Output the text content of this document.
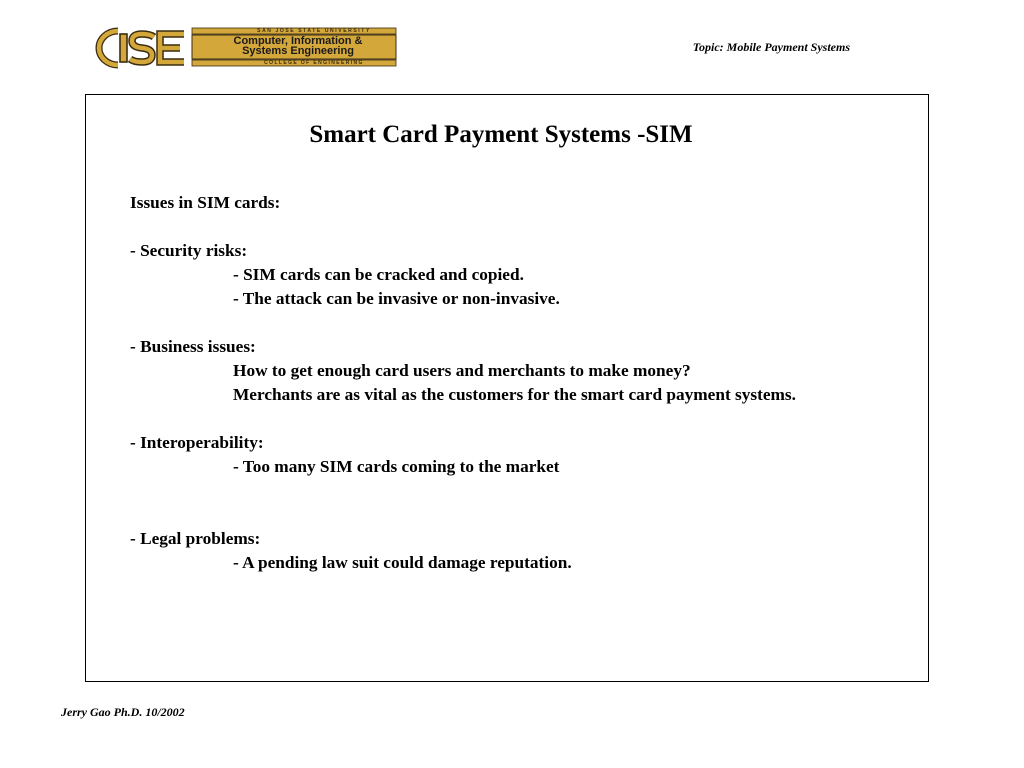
SAN JOSE STATE UNIVERSITY
Computer, Information &
Systems Engineering
COLLEGE OF ENGINEERING
Topic: Mobile Payment Systems
Smart Card Payment Systems -SIM
Issues in SIM cards:
- Security risks:
- SIM cards can be cracked and copied.
- The attack can be invasive or non-invasive.
- Business issues:
How to get enough card users and merchants to make money?
Merchants are as vital as the customers for the smart card payment systems.
- Interoperability:
- Too many SIM cards coming to the market
- Legal problems:
- A pending law suit could damage reputation.
Jerry Gao Ph.D. 10/2002
